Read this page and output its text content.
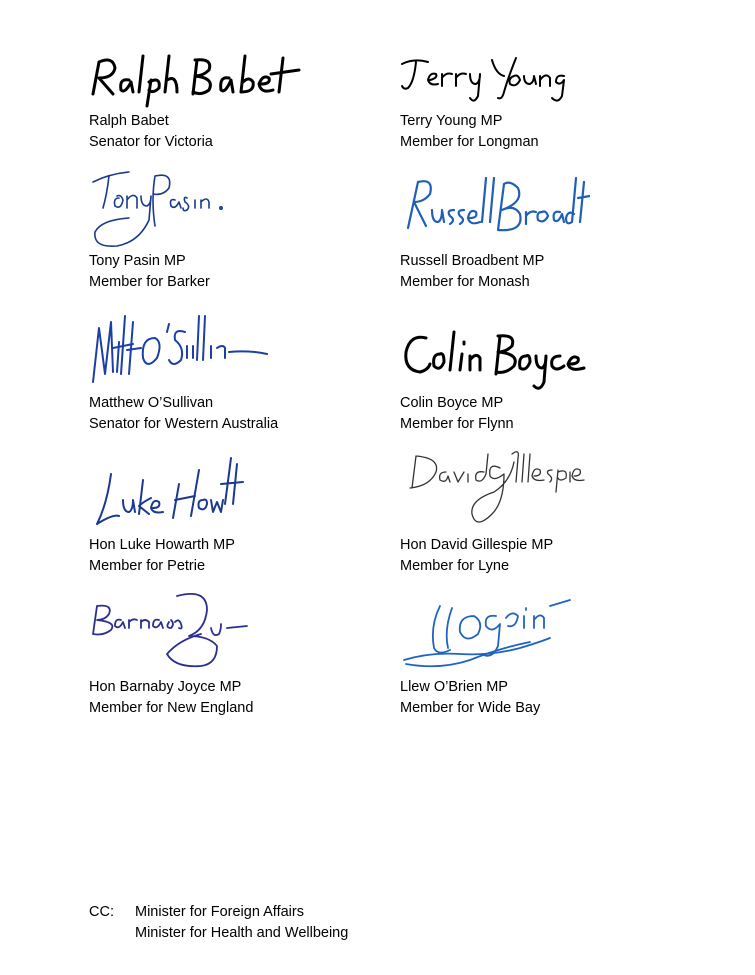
Ralph Babet
Senator for Victoria
Terry Young MP
Member for Longman
Tony Pasin MP
Member for Barker
Russell Broadbent MP
Member for Monash
Matthew O’Sullivan
Senator for Western Australia
Colin Boyce MP
Member for Flynn
Hon Luke Howarth MP
Member for Petrie
Hon David Gillespie MP
Member for Lyne
Hon Barnaby Joyce MP
Member for New England
Llew O’Brien MP
Member for Wide Bay
CC: Minister for Foreign Affairs
Minister for Health and Wellbeing
